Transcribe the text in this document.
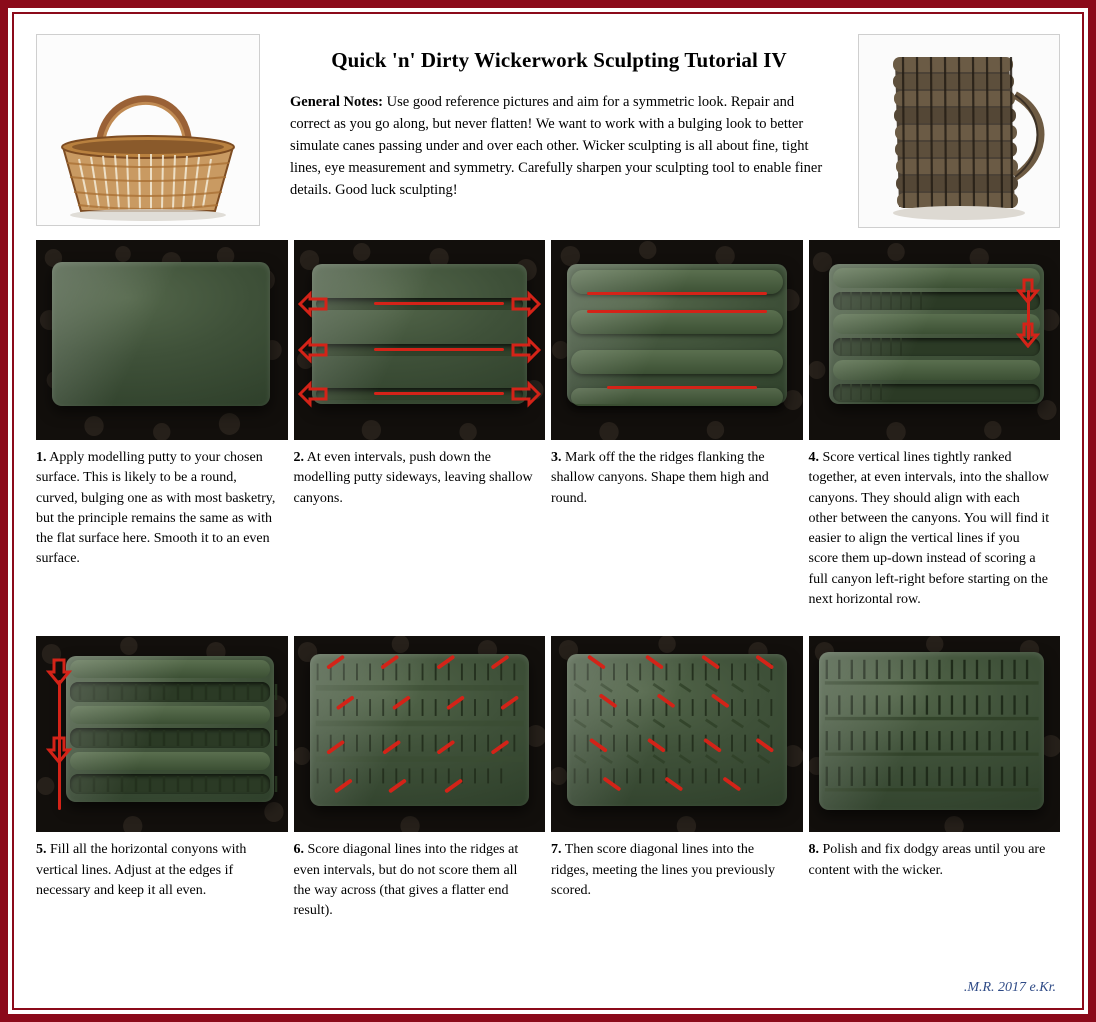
Quick 'n' Dirty Wickerwork Sculpting Tutorial IV
General Notes: Use good reference pictures and aim for a symmetric look. Repair and correct as you go along, but never flatten! We want to work with a bulging look to better simulate canes passing under and over each other. Wicker sculpting is all about fine, tight lines, eye measurement and symmetry. Carefully sharpen your sculpting tool to enable finer details. Good luck sculpting!
1. Apply modelling putty to your chosen surface. This is likely to be a round, curved, bulging one as with most basketry, but the principle remains the same as with the flat surface here. Smooth it to an even surface.
2. At even intervals, push down the modelling putty sideways, leaving shallow canyons.
3. Mark off the the ridges flanking the shallow canyons. Shape them high and round.
4. Score vertical lines tightly ranked together, at even intervals, into the shallow canyons. They should align with each other between the canyons. You will find it easier to align the vertical lines if you score them up-down instead of scoring a full canyon left-right before starting on the next horizontal row.
5. Fill all the horizontal conyons with vertical lines. Adjust at the edges if necessary and keep it all even.
6. Score diagonal lines into the ridges at even intervals, but do not score them all the way across (that gives a flatter end result).
7. Then score diagonal lines into the ridges, meeting the lines you previously scored.
8. Polish and fix dodgy areas until you are content with the wicker.
.M.R. 2017 e.Kr.
